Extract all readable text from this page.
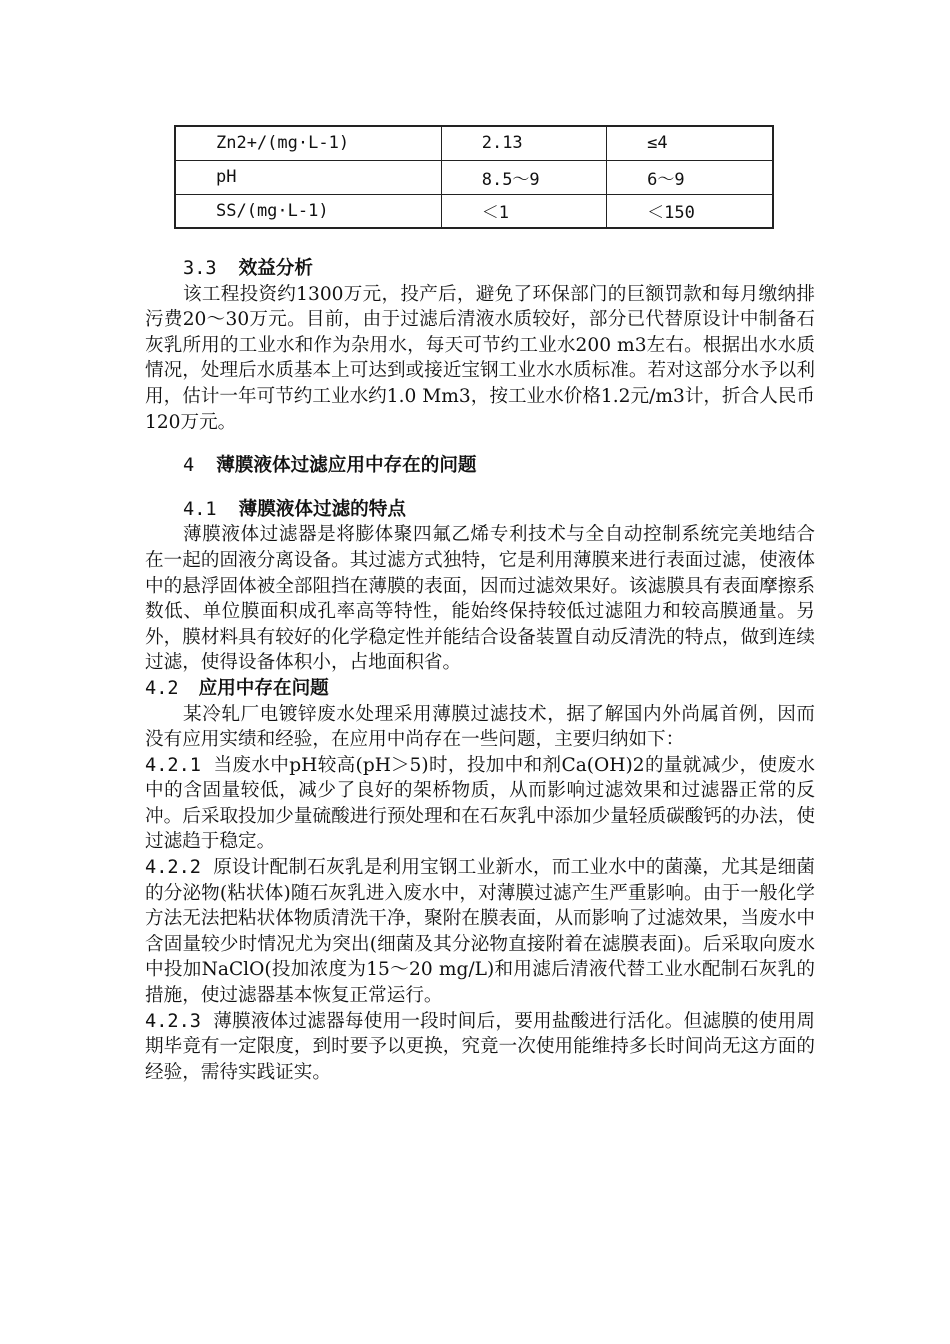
Zn2+/(mg·L-1)	2.13	≤4
pH	8.5～9	6～9
SS/(mg·L-1)	＜1	＜150

3.3 效益分析

该工程投资约1300万元，投产后，避免了环保部门的巨额罚款和每月缴纳排污费20～30万元。目前，由于过滤后清液水质较好，部分已代替原设计中制备石灰乳所用的工业水和作为杂用水，每天可节约工业水200 m3左右。根据出水水质情况，处理后水质基本上可达到或接近宝钢工业水水质标准。若对这部分水予以利用，估计一年可节约工业水约1.0 Mm3，按工业水价格1.2元/m3计，折合人民币120万元。

4 薄膜液体过滤应用中存在的问题

4.1 薄膜液体过滤的特点

薄膜液体过滤器是将膨体聚四氟乙烯专利技术与全自动控制系统完美地结合在一起的固液分离设备。其过滤方式独特，它是利用薄膜来进行表面过滤，使液体中的悬浮固体被全部阻挡在薄膜的表面，因而过滤效果好。该滤膜具有表面摩擦系数低、单位膜面积成孔率高等特性，能始终保持较低过滤阻力和较高膜通量。另外，膜材料具有较好的化学稳定性并能结合设备装置自动反清洗的特点，做到连续过滤，使得设备体积小，占地面积省。

4.2 应用中存在问题

某冷轧厂电镀锌废水处理采用薄膜过滤技术，据了解国内外尚属首例，因而没有应用实绩和经验，在应用中尚存在一些问题，主要归纳如下：

4.2.1 当废水中pH较高(pH＞5)时，投加中和剂Ca(OH)2的量就减少，使废水中的含固量较低，减少了良好的架桥物质，从而影响过滤效果和过滤器正常的反冲。后采取投加少量硫酸进行预处理和在石灰乳中添加少量轻质碳酸钙的办法，使过滤趋于稳定。

4.2.2 原设计配制石灰乳是利用宝钢工业新水，而工业水中的菌藻，尤其是细菌的分泌物(粘状体)随石灰乳进入废水中，对薄膜过滤产生严重影响。由于一般化学方法无法把粘状体物质清洗干净，聚附在膜表面，从而影响了过滤效果，当废水中含固量较少时情况尤为突出(细菌及其分泌物直接附着在滤膜表面)。后采取向废水中投加NaClO(投加浓度为15～20 mg/L)和用滤后清液代替工业水配制石灰乳的措施，使过滤器基本恢复正常运行。

4.2.3 薄膜液体过滤器每使用一段时间后，要用盐酸进行活化。但滤膜的使用周期毕竟有一定限度，到时要予以更换，究竟一次使用能维持多长时间尚无这方面的经验，需待实践证实。
